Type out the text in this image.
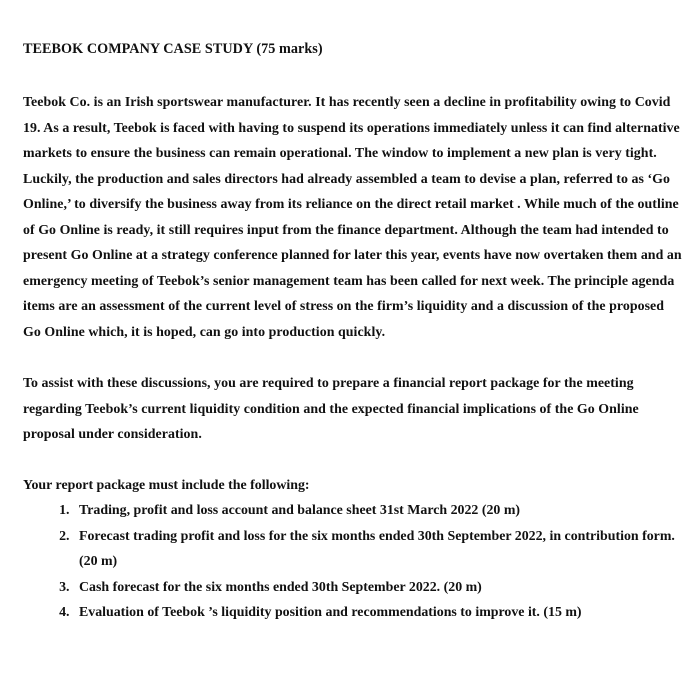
TEEBOK COMPANY CASE STUDY (75 marks)

Teebok Co. is an Irish sportswear manufacturer. It has recently seen a decline in profitability owing to Covid 19. As a result, Teebok is faced with having to suspend its operations immediately unless it can find alternative markets to ensure the business can remain operational. The window to implement a new plan is very tight. Luckily, the production and sales directors had already assembled a team to devise a plan, referred to as ‘Go Online,’ to diversify the business away from its reliance on the direct retail market . While much of the outline of Go Online is ready, it still requires input from the finance department. Although the team had intended to present Go Online at a strategy conference planned for later this year, events have now overtaken them and an emergency meeting of Teebok’s senior management team has been called for next week. The principle agenda items are an assessment of the current level of stress on the firm’s liquidity and a discussion of the proposed Go Online which, it is hoped, can go into production quickly.

To assist with these discussions, you are required to prepare a financial report package for the meeting regarding Teebok’s current liquidity condition and the expected financial implications of the Go Online proposal under consideration.

Your report package must include the following:

1. Trading, profit and loss account and balance sheet 31st March 2022 (20 m)
2. Forecast trading profit and loss for the six months ended 30th September 2022, in contribution form. (20 m)
3. Cash forecast for the six months ended 30th September 2022. (20 m)
4. Evaluation of Teebok ’s liquidity position and recommendations to improve it. (15 m)
